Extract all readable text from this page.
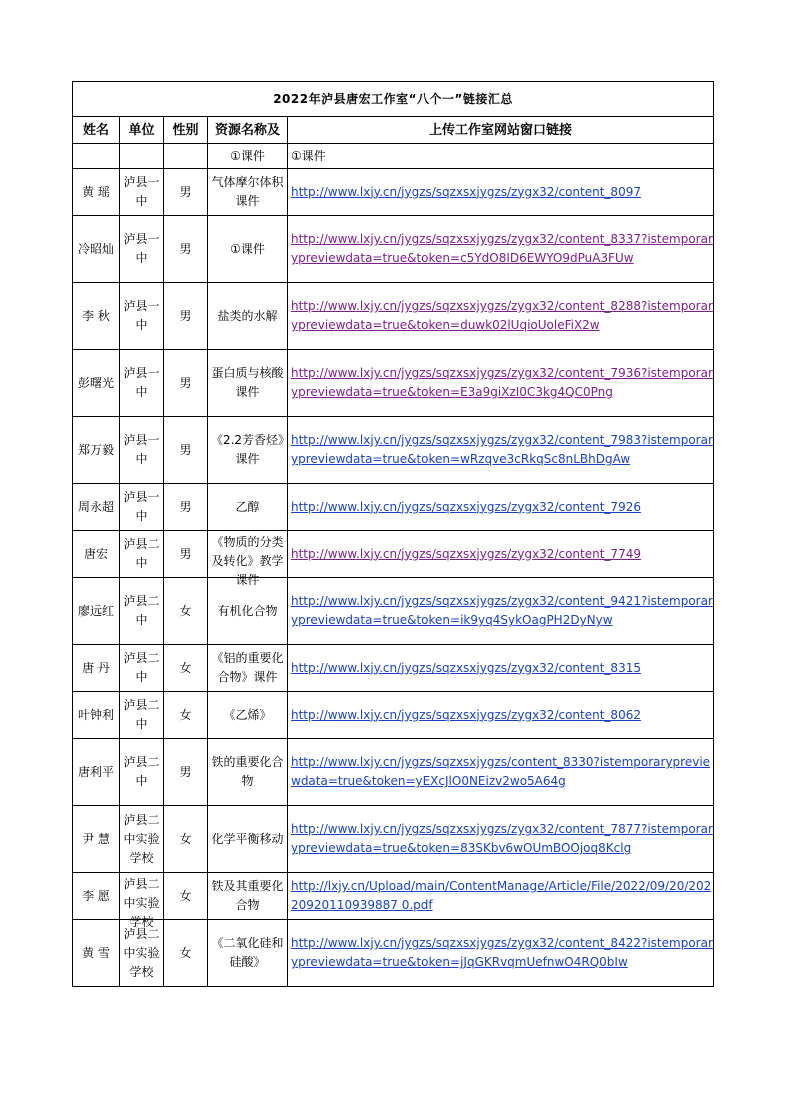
2022年泸县唐宏工作室“八个一”链接汇总				
姓名	单位	性别	资源名称及	上传工作室网站窗口链接
			①课件	①课件

黄 瑶	泸县一中	男	气体摩尔体积课件	http://www.lxjy.cn/jygzs/sqzxsxjygzs/zygx32/content_8097

冷昭灿	泸县一中	男	①课件	http://www.lxjy.cn/jygzs/sqzxsxjygzs/zygx32/content_8337?istemporarypreviewdata=true&token=c5YdO8ID6EWYO9dPuA3FUw

李 秋	泸县一中	男	盐类的水解	http://www.lxjy.cn/jygzs/sqzxsxjygzs/zygx32/content_8288?istemporarypreviewdata=true&token=duwk02lUqioUoleFiX2w

彭曙光	泸县一中	男	蛋白质与核酸课件	http://www.lxjy.cn/jygzs/sqzxsxjygzs/zygx32/content_7936?istemporarypreviewdata=true&token=E3a9giXzI0C3kg4QC0Png

郑万毅	泸县一中	男	《2.2芳香烃》课件	http://www.lxjy.cn/jygzs/sqzxsxjygzs/zygx32/content_7983?istemporarypreviewdata=true&token=wRzqve3cRkqSc8nLBhDgAw

周永超	泸县一中	男	乙醇	http://www.lxjy.cn/jygzs/sqzxsxjygzs/zygx32/content_7926

唐宏	泸县二中	男	《物质的分类及转化》教学课件	http://www.lxjy.cn/jygzs/sqzxsxjygzs/zygx32/content_7749

廖远红	泸县二中	女	有机化合物	http://www.lxjy.cn/jygzs/sqzxsxjygzs/zygx32/content_9421?istemporarypreviewdata=true&token=ik9yq4SykOagPH2DyNyw

唐 丹	泸县二中	女	《铝的重要化合物》课件	http://www.lxjy.cn/jygzs/sqzxsxjygzs/zygx32/content_8315

叶钟利	泸县二中	女	《乙烯》	http://www.lxjy.cn/jygzs/sqzxsxjygzs/zygx32/content_8062

唐利平	泸县二中	男	铁的重要化合物	http://www.lxjy.cn/jygzs/sqzxsxjygzs/content_8330?istemporarypreviewdata=true&token=yEXcJlO0NEizv2wo5A64g

尹 慧	泸县二中实验学校	女	化学平衡移动	http://www.lxjy.cn/jygzs/sqzxsxjygzs/zygx32/content_7877?istemporarypreviewdata=true&token=83SKbv6wOUmBOOjoq8Kclg

李 愿	泸县二中实验学校	女	铁及其重要化合物	http://lxjy.cn/Upload/main/ContentManage/Article/File/2022/09/20/20220920110939887 0.pdf

黄 雪	泸县二中实验学校	女	《二氧化硅和硅酸》	http://www.lxjy.cn/jygzs/sqzxsxjygzs/zygx32/content_8422?istemporarypreviewdata=true&token=jJqGKRvqmUefnwO4RQ0bIw
